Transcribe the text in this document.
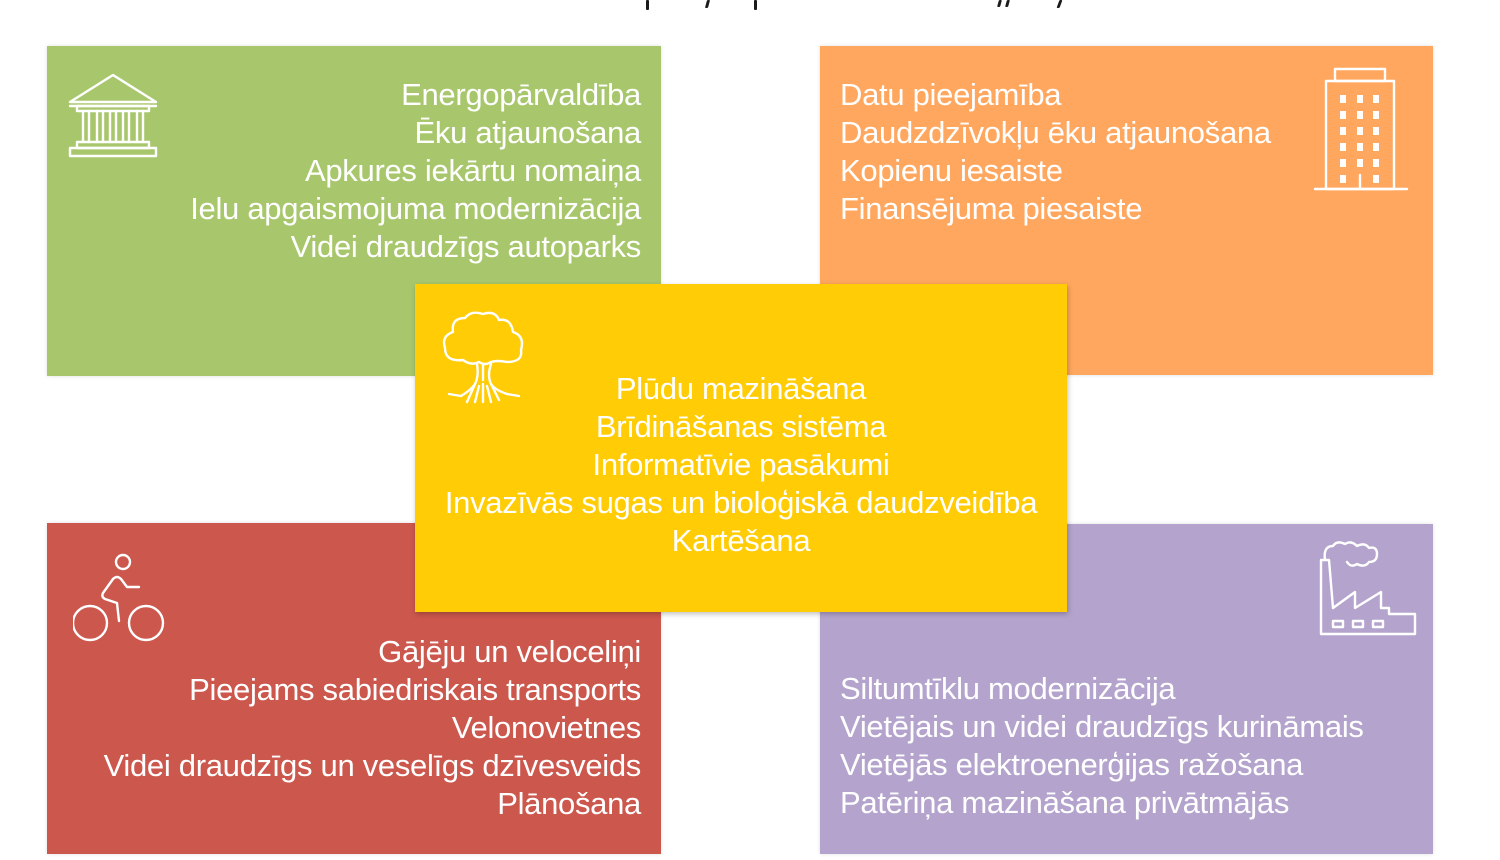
Energopārvaldība
Ēku atjaunošana
Apkures iekārtu nomaiņa
Ielu apgaismojuma modernizācija
Videi draudzīgs autoparks
Datu pieejamība
Daudzdzīvokļu ēku atjaunošana
Kopienu iesaiste
Finansējuma piesaiste
Gājēju un veloceliņi
Pieejams sabiedriskais transports
Velonovietnes
Videi draudzīgs un veselīgs dzīvesveids
Plānošana
Siltumtīklu modernizācija
Vietējais un videi draudzīgs kurināmais
Vietējās elektroenerģijas ražošana
Patēriņa mazināšana privātmājās
Plūdu mazināšana
Brīdināšanas sistēma
Informatīvie pasākumi
Invazīvās sugas un bioloģiskā daudzveidība
Kartēšana
